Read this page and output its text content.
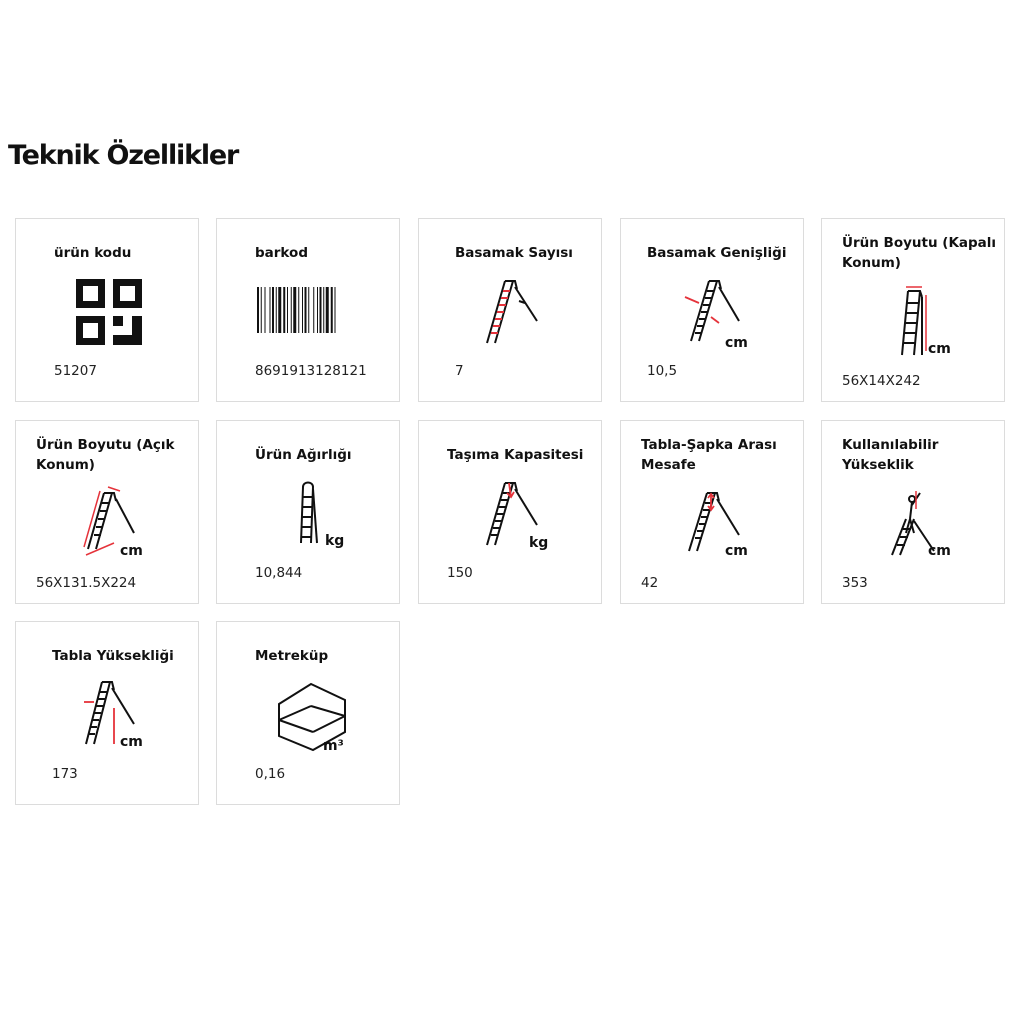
Teknik Özellikler
ürün kodu
51207
barkod
8691913128121
Basamak Sayısı
7
Basamak Genişliği
cm
10,5
Ürün Boyutu (Kapalı Konum)
cm
56X14X242
Ürün Boyutu (Açık Konum)
cm
56X131.5X224
Ürün Ağırlığı
kg
10,844
Taşıma Kapasitesi
kg
150
Tabla-Şapka Arası Mesafe
cm
42
Kullanılabilir Yükseklik
cm
353
Tabla Yüksekliği
cm
173
Metreküp
m³
0,16
